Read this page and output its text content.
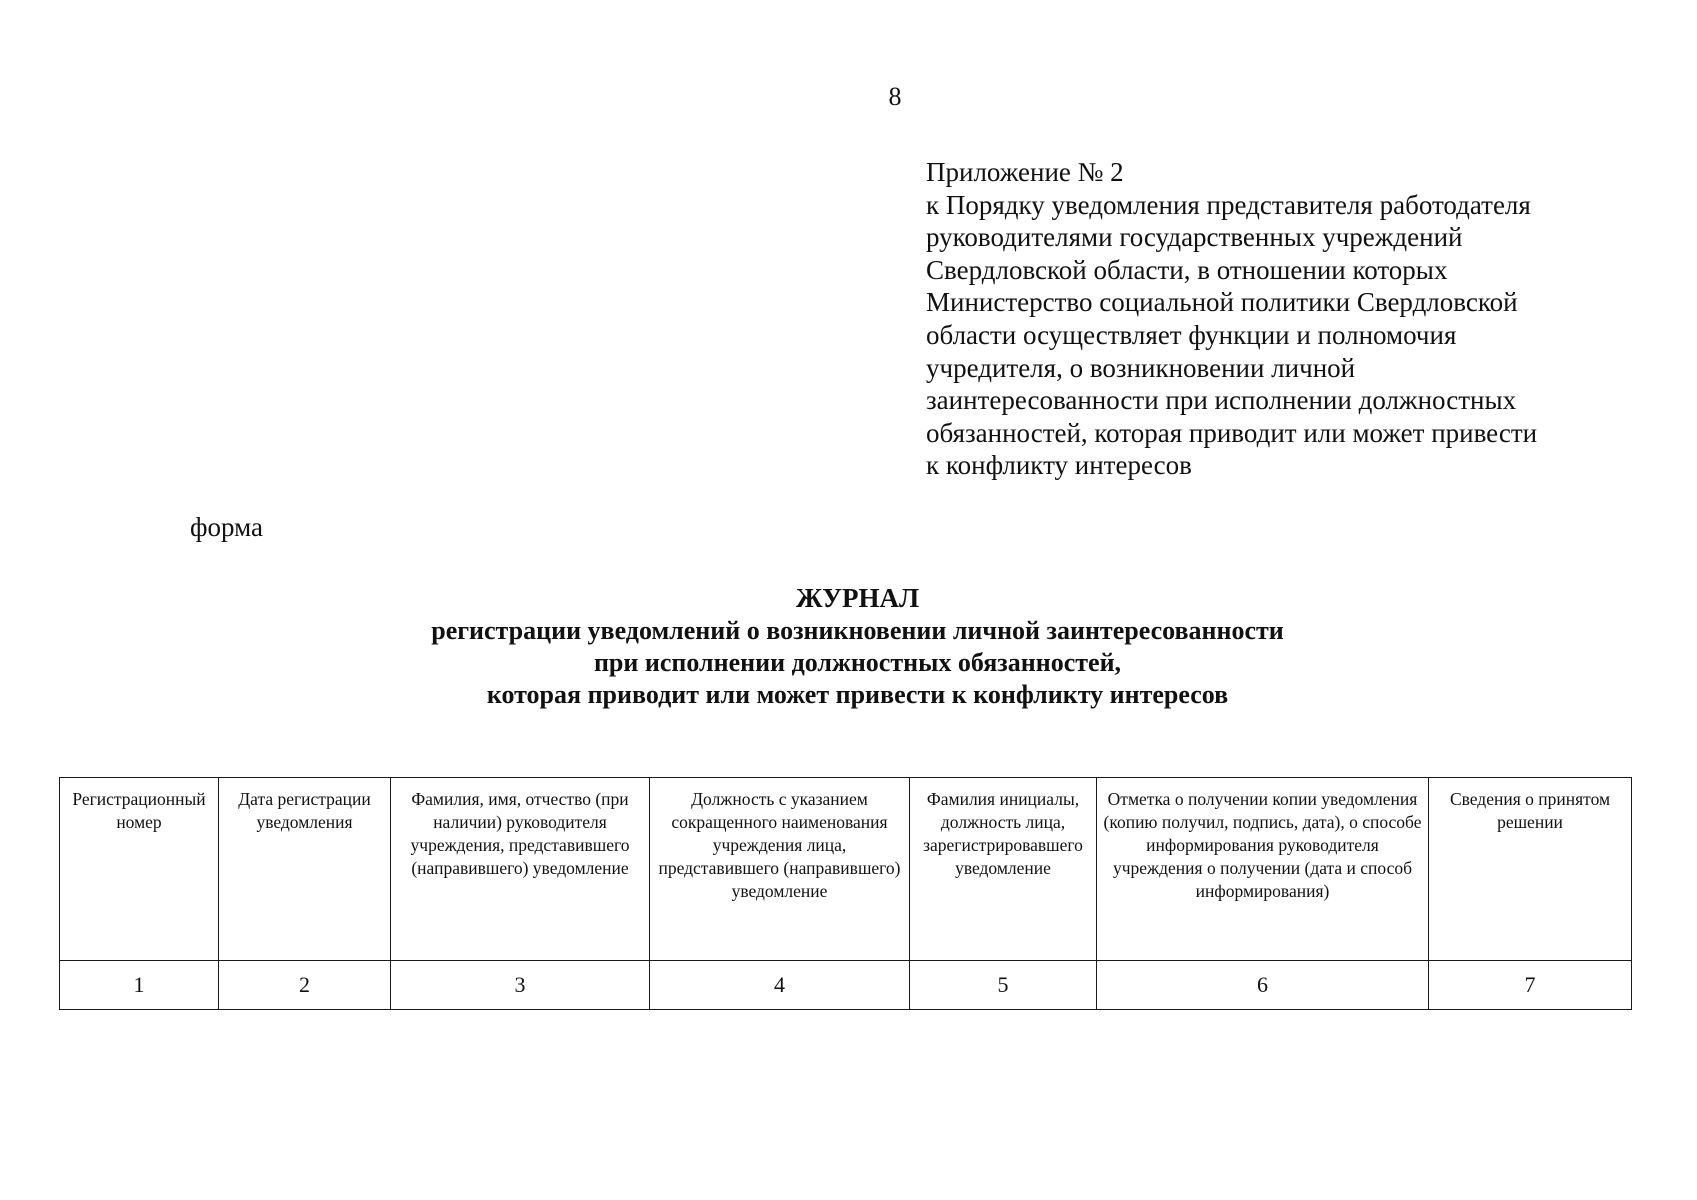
8
Приложение № 2
к Порядку уведомления представителя работодателя
руководителями государственных учреждений
Свердловской области, в отношении которых
Министерство социальной политики Свердловской
области осуществляет функции и полномочия
учредителя, о возникновении личной
заинтересованности при исполнении должностных
обязанностей, которая приводит или может привести
к конфликту интересов
форма
ЖУРНАЛ
регистрации уведомлений о возникновении личной заинтересованности
при исполнении должностных обязанностей,
которая приводит или может привести к конфликту интересов
Регистрационный номер	Дата регистрации уведомления	Фамилия, имя, отчество (при наличии) руководителя учреждения, представившего (направившего) уведомление	Должность с указанием сокращенного наименования учреждения лица, представившего (направившего) уведомление	Фамилия инициалы, должность лица, зарегистрировавшего уведомление	Отметка о получении копии уведомления (копию получил, подпись, дата), о способе информирования руководителя учреждения о получении (дата и способ информирования)	Сведения о принятом решении
1	2	3	4	5	6	7
